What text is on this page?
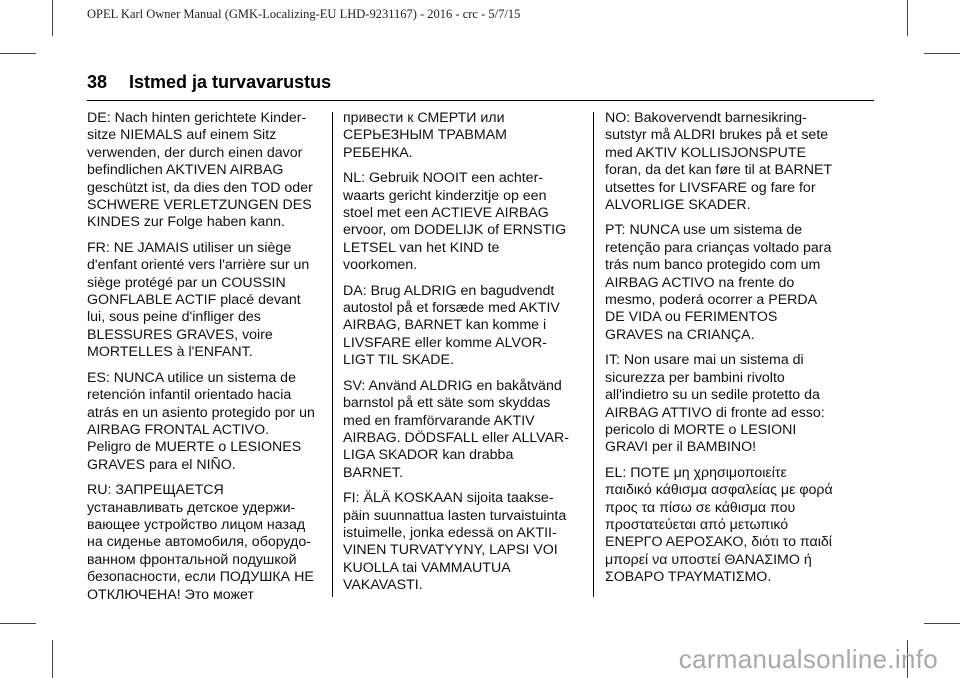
OPEL Karl Owner Manual (GMK-Localizing-EU LHD-9231167) - 2016 - crc - 5/7/15
38 Istmed ja turvavarustus

DE: Nach hinten gerichtete Kinder-
sitze NIEMALS auf einem Sitz
verwenden, der durch einen davor
befindlichen AKTIVEN AIRBAG
geschützt ist, da dies den TOD oder
SCHWERE VERLETZUNGEN DES
KINDES zur Folge haben kann.

FR: NE JAMAIS utiliser un siège
d'enfant orienté vers l'arrière sur un
siège protégé par un COUSSIN
GONFLABLE ACTIF placé devant
lui, sous peine d'infliger des
BLESSURES GRAVES, voire
MORTELLES à l'ENFANT.

ES: NUNCA utilice un sistema de
retención infantil orientado hacia
atrás en un asiento protegido por un
AIRBAG FRONTAL ACTIVO.
Peligro de MUERTE o LESIONES
GRAVES para el NIÑO.

RU: ЗАПРЕЩАЕТСЯ
устанавливать детское удержи-
вающее устройство лицом назад
на сиденье автомобиля, оборудо-
ванном фронтальной подушкой
безопасности, если ПОДУШКА НЕ
ОТКЛЮЧЕНА! Это может

привести к СМЕРТИ или
СЕРЬЕЗНЫМ ТРАВМАМ
РЕБЕНКА.

NL: Gebruik NOOIT een achter-
waarts gericht kinderzitje op een
stoel met een ACTIEVE AIRBAG
ervoor, om DODELIJK of ERNSTIG
LETSEL van het KIND te
voorkomen.

DA: Brug ALDRIG en bagudvendt
autostol på et forsæde med AKTIV
AIRBAG, BARNET kan komme i
LIVSFARE eller komme ALVOR-
LIGT TIL SKADE.

SV: Använd ALDRIG en bakåtvänd
barnstol på ett säte som skyddas
med en framförvarande AKTIV
AIRBAG. DÖDSFALL eller ALLVAR-
LIGA SKADOR kan drabba
BARNET.

FI: ÄLÄ KOSKAAN sijoita taakse-
päin suunnattua lasten turvaistuinta
istuimelle, jonka edessä on AKTII-
VINEN TURVATYYNY, LAPSI VOI
KUOLLA tai VAMMAUTUA
VAKAVASTI.

NO: Bakovervendt barnesikring-
sutstyr må ALDRI brukes på et sete
med AKTIV KOLLISJONSPUTE
foran, da det kan føre til at BARNET
utsettes for LIVSFARE og fare for
ALVORLIGE SKADER.

PT: NUNCA use um sistema de
retenção para crianças voltado para
trás num banco protegido com um
AIRBAG ACTIVO na frente do
mesmo, poderá ocorrer a PERDA
DE VIDA ou FERIMENTOS
GRAVES na CRIANÇA.

IT: Non usare mai un sistema di
sicurezza per bambini rivolto
all'indietro su un sedile protetto da
AIRBAG ATTIVO di fronte ad esso:
pericolo di MORTE o LESIONI
GRAVI per il BAMBINO!

EL: ΠΟΤΕ μη χρησιμοποιείτε
παιδικό κάθισμα ασφαλείας με φορά
προς τα πίσω σε κάθισμα που
προστατεύεται από μετωπικό
ΕΝΕΡΓΟ ΑΕΡΟΣΑΚΟ, διότι το παιδί
μπορεί να υποστεί ΘΑΝΑΣΙΜΟ ή
ΣΟΒΑΡΟ ΤΡΑΥΜΑΤΙΣΜΟ.

carmanualsonline.info
